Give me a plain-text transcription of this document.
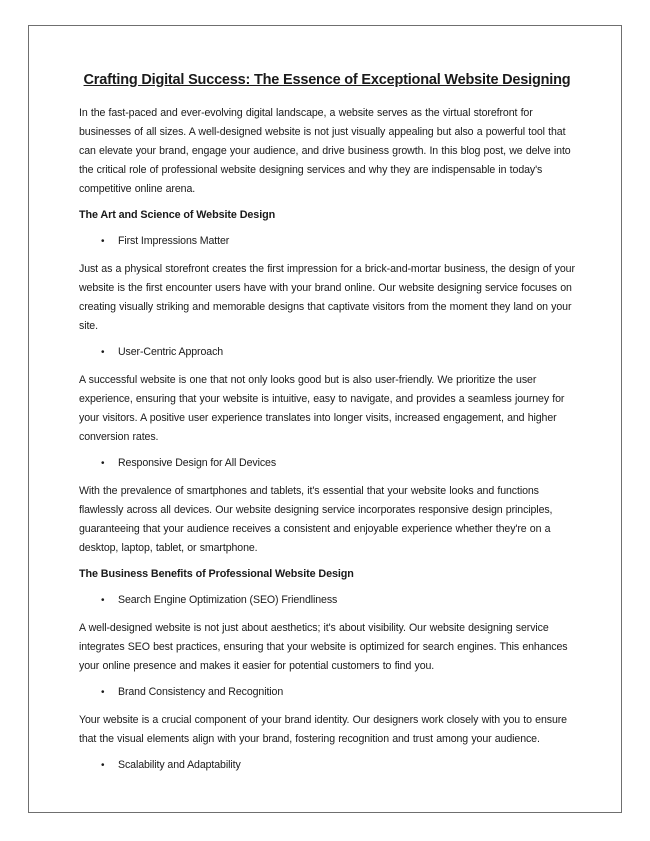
Crafting Digital Success: The Essence of Exceptional Website Designing

In the fast-paced and ever-evolving digital landscape, a website serves as the virtual storefront for businesses of all sizes. A well-designed website is not just visually appealing but also a powerful tool that can elevate your brand, engage your audience, and drive business growth. In this blog post, we delve into the critical role of professional website designing services and why they are indispensable in today's competitive online arena.

The Art and Science of Website Design
•	First Impressions Matter

Just as a physical storefront creates the first impression for a brick-and-mortar business, the design of your website is the first encounter users have with your brand online. Our website designing service focuses on creating visually striking and memorable designs that captivate visitors from the moment they land on your site.

•	User-Centric Approach

A successful website is one that not only looks good but is also user-friendly. We prioritize the user experience, ensuring that your website is intuitive, easy to navigate, and provides a seamless journey for your visitors. A positive user experience translates into longer visits, increased engagement, and higher conversion rates.

•	Responsive Design for All Devices

With the prevalence of smartphones and tablets, it's essential that your website looks and functions flawlessly across all devices. Our website designing service incorporates responsive design principles, guaranteeing that your audience receives a consistent and enjoyable experience whether they're on a desktop, laptop, tablet, or smartphone.

The Business Benefits of Professional Website Design
•	Search Engine Optimization (SEO) Friendliness

A well-designed website is not just about aesthetics; it's about visibility. Our website designing service integrates SEO best practices, ensuring that your website is optimized for search engines. This enhances your online presence and makes it easier for potential customers to find you.

•	Brand Consistency and Recognition

Your website is a crucial component of your brand identity. Our designers work closely with you to ensure that the visual elements align with your brand, fostering recognition and trust among your audience.

•	Scalability and Adaptability
